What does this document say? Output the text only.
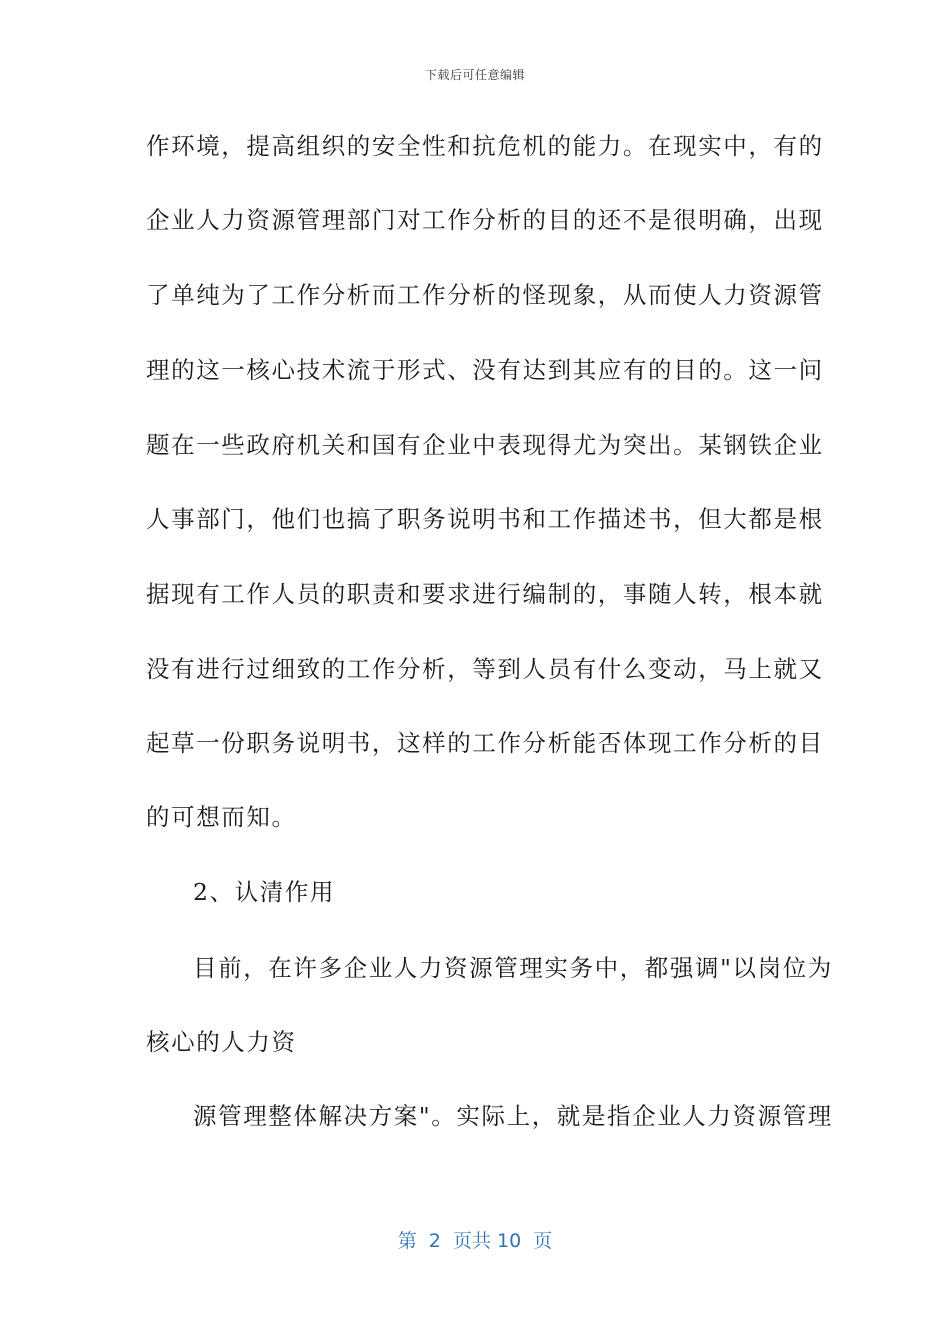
下载后可任意编辑
作环境，提高组织的安全性和抗危机的能力。在现实中，有的
企业人力资源管理部门对工作分析的目的还不是很明确，出现
了单纯为了工作分析而工作分析的怪现象，从而使人力资源管
理的这一核心技术流于形式、没有达到其应有的目的。这一问
题在一些政府机关和国有企业中表现得尤为突出。某钢铁企业
人事部门，他们也搞了职务说明书和工作描述书，但大都是根
据现有工作人员的职责和要求进行编制的，事随人转，根本就
没有进行过细致的工作分析，等到人员有什么变动，马上就又
起草一份职务说明书，这样的工作分析能否体现工作分析的目
的可想而知。
2、认清作用
目前，在许多企业人力资源管理实务中，都强调"以岗位为
核心的人力资
源管理整体解决方案"。实际上，就是指企业人力资源管理
第  2  页共 10  页
